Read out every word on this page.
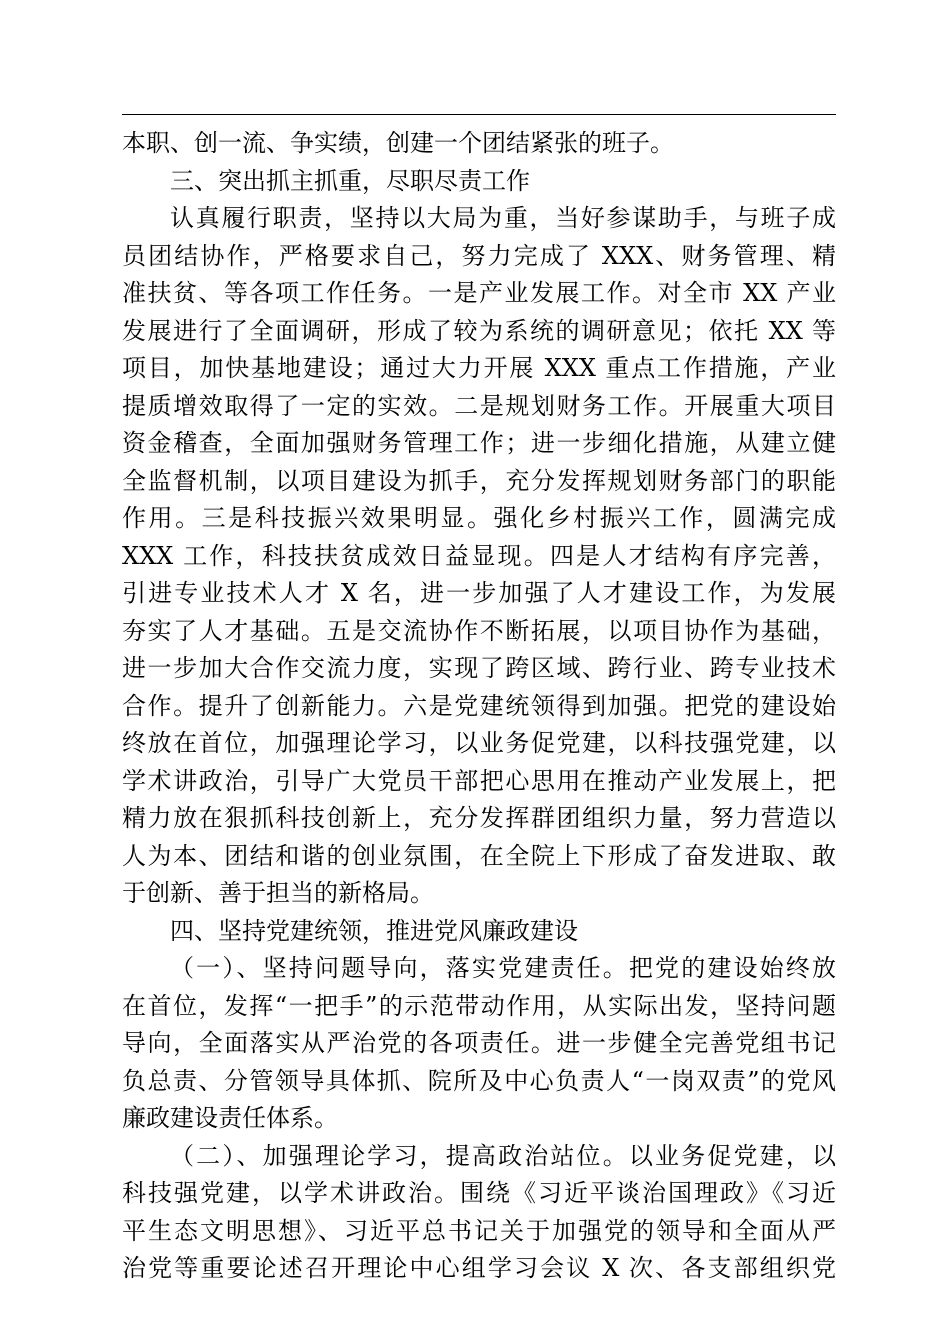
本职、创一流、争实绩，创建一个团结紧张的班子。
三、突出抓主抓重，尽职尽责工作
认真履行职责，坚持以大局为重，当好参谋助手，与班子成
员团结协作，严格要求自己，努力完成了 XXX、财务管理、精
准扶贫、等各项工作任务。一是产业发展工作。对全市 XX 产业
发展进行了全面调研，形成了较为系统的调研意见；依托 XX 等
项目，加快基地建设；通过大力开展 XXX 重点工作措施，产业
提质增效取得了一定的实效。二是规划财务工作。开展重大项目
资金稽查，全面加强财务管理工作；进一步细化措施，从建立健
全监督机制，以项目建设为抓手，充分发挥规划财务部门的职能
作用。三是科技振兴效果明显。强化乡村振兴工作，圆满完成
XXX 工作，科技扶贫成效日益显现。四是人才结构有序完善，
引进专业技术人才 X 名，进一步加强了人才建设工作，为发展
夯实了人才基础。五是交流协作不断拓展，以项目协作为基础，
进一步加大合作交流力度，实现了跨区域、跨行业、跨专业技术
合作。提升了创新能力。六是党建统领得到加强。把党的建设始
终放在首位，加强理论学习，以业务促党建，以科技强党建，以
学术讲政治，引导广大党员干部把心思用在推动产业发展上，把
精力放在狠抓科技创新上，充分发挥群团组织力量，努力营造以
人为本、团结和谐的创业氛围，在全院上下形成了奋发进取、敢
于创新、善于担当的新格局。
四、坚持党建统领，推进党风廉政建设
（一）、坚持问题导向，落实党建责任。把党的建设始终放
在首位，发挥“一把手”的示范带动作用，从实际出发，坚持问题
导向，全面落实从严治党的各项责任。进一步健全完善党组书记
负总责、分管领导具体抓、院所及中心负责人“一岗双责”的党风
廉政建设责任体系。
（二）、加强理论学习，提高政治站位。以业务促党建，以
科技强党建，以学术讲政治。围绕《习近平谈治国理政》《习近
平生态文明思想》、习近平总书记关于加强党的领导和全面从严
治党等重要论述召开理论中心组学习会议 X 次、各支部组织党
